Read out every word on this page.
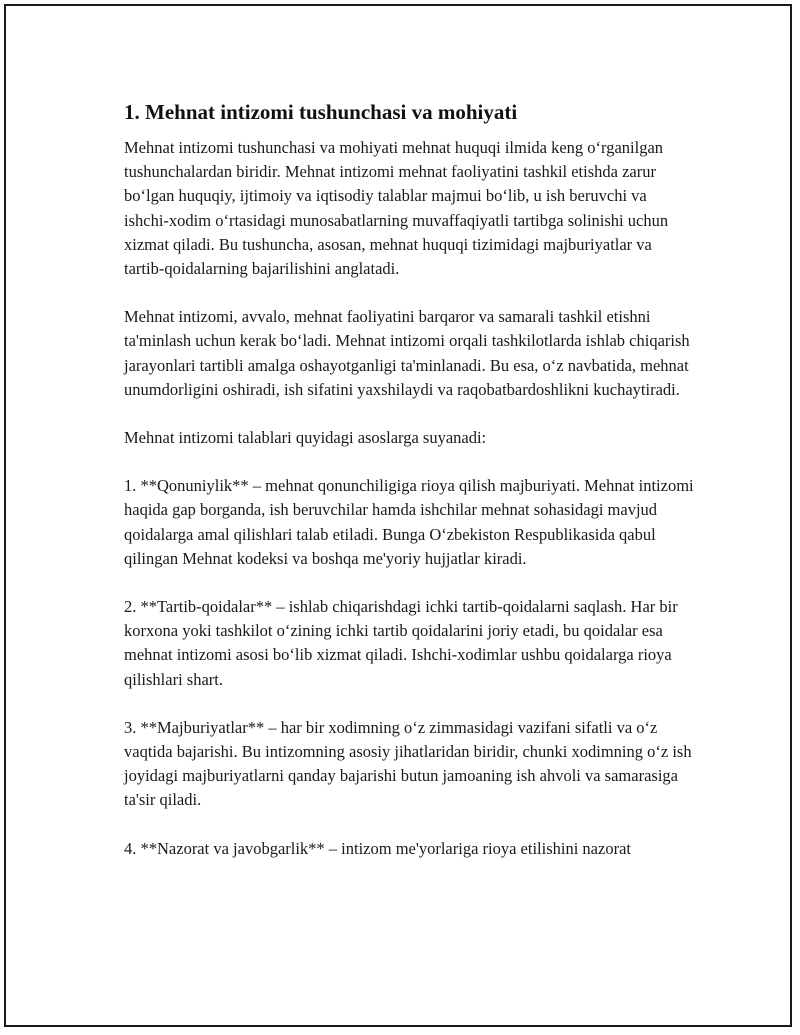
1. Mehnat intizomi tushunchasi va mohiyati

Mehnat intizomi tushunchasi va mohiyati mehnat huquqi ilmida keng o‘rganilgan tushunchalardan biridir. Mehnat intizomi mehnat faoliyatini tashkil etishda zarur bo‘lgan huquqiy, ijtimoiy va iqtisodiy talablar majmui bo‘lib, u ish beruvchi va ishchi-xodim o‘rtasidagi munosabatlarning muvaffaqiyatli tartibga solinishi uchun xizmat qiladi. Bu tushuncha, asosan, mehnat huquqi tizimidagi majburiyatlar va tartib-qoidalarning bajarilishini anglatadi.

Mehnat intizomi, avvalo, mehnat faoliyatini barqaror va samarali tashkil etishni ta'minlash uchun kerak bo‘ladi. Mehnat intizomi orqali tashkilotlarda ishlab chiqarish jarayonlari tartibli amalga oshayotganligi ta'minlanadi. Bu esa, o‘z navbatida, mehnat unumdorligini oshiradi, ish sifatini yaxshilaydi va raqobatbardoshlikni kuchaytiradi.

Mehnat intizomi talablari quyidagi asoslarga suyanadi:

1. **Qonuniylik** – mehnat qonunchiligiga rioya qilish majburiyati. Mehnat intizomi haqida gap borganda, ish beruvchilar hamda ishchilar mehnat sohasidagi mavjud qoidalarga amal qilishlari talab etiladi. Bunga O‘zbekiston Respublikasida qabul qilingan Mehnat kodeksi va boshqa me'yoriy hujjatlar kiradi.

2. **Tartib-qoidalar** – ishlab chiqarishdagi ichki tartib-qoidalarni saqlash. Har bir korxona yoki tashkilot o‘zining ichki tartib qoidalarini joriy etadi, bu qoidalar esa mehnat intizomi asosi bo‘lib xizmat qiladi. Ishchi-xodimlar ushbu qoidalarga rioya qilishlari shart.

3. **Majburiyatlar** – har bir xodimning o‘z zimmasidagi vazifani sifatli va o‘z vaqtida bajarishi. Bu intizomning asosiy jihatlaridan biridir, chunki xodimning o‘z ish joyidagi majburiyatlarni qanday bajarishi butun jamoaning ish ahvoli va samarasiga ta'sir qiladi.

4. **Nazorat va javobgarlik** – intizom me'yorlariga rioya etilishini nazorat
